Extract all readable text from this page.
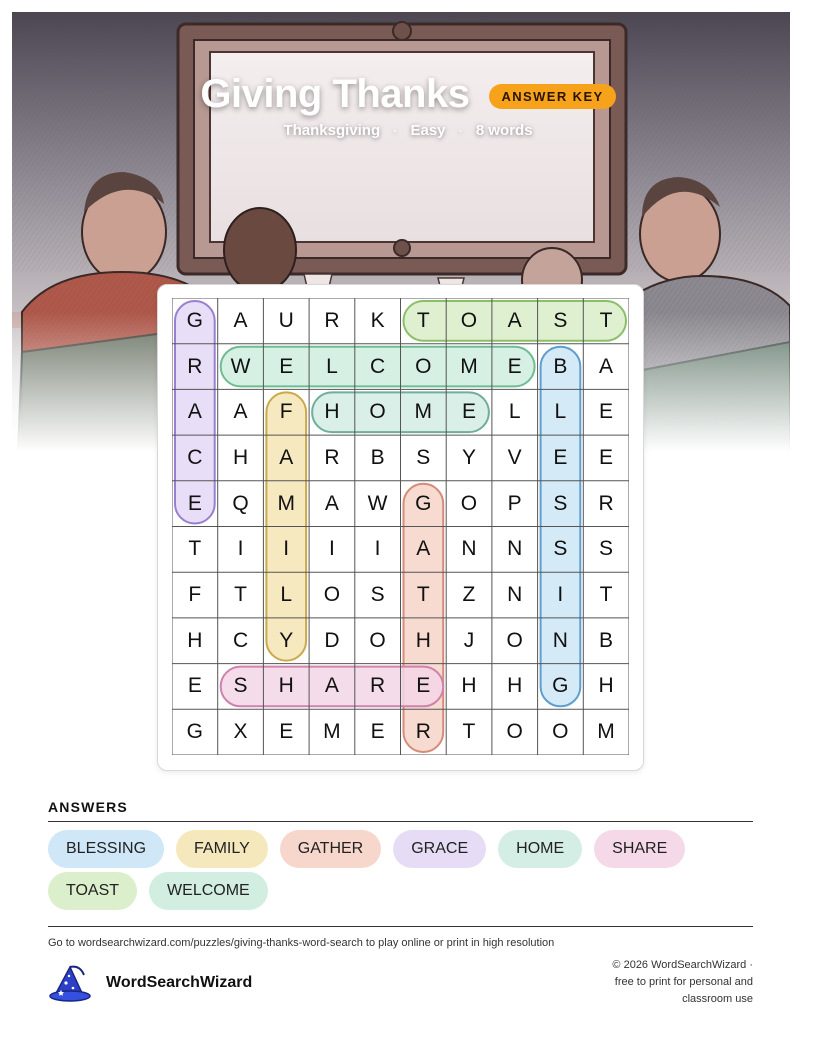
Giving Thanks ANSWER KEY
Thanksgiving · Easy · 8 words
G	A	U	R	K	T	O	A	S	T
R	W	E	L	C	O	M	E	B	A
A	A	F	H	O	M	E	L	L	E
C	H	A	R	B	S	Y	V	E	E
E	Q	M	A	W	G	O	P	S	R
T	I	I	I	I	A	N	N	S	S
F	T	L	O	S	T	Z	N	I	T
H	C	Y	D	O	H	J	O	N	B
E	S	H	A	R	E	H	H	G	H
G	X	E	M	E	R	T	O	O	M
ANSWERS
BLESSING	FAMILY	GATHER	GRACE	HOME	SHARE
TOAST	WELCOME
Go to wordsearchwizard.com/puzzles/giving-thanks-word-search to play online or print in high resolution
WordSearchWizard
© 2026 WordSearchWizard ·
free to print for personal and
classroom use
